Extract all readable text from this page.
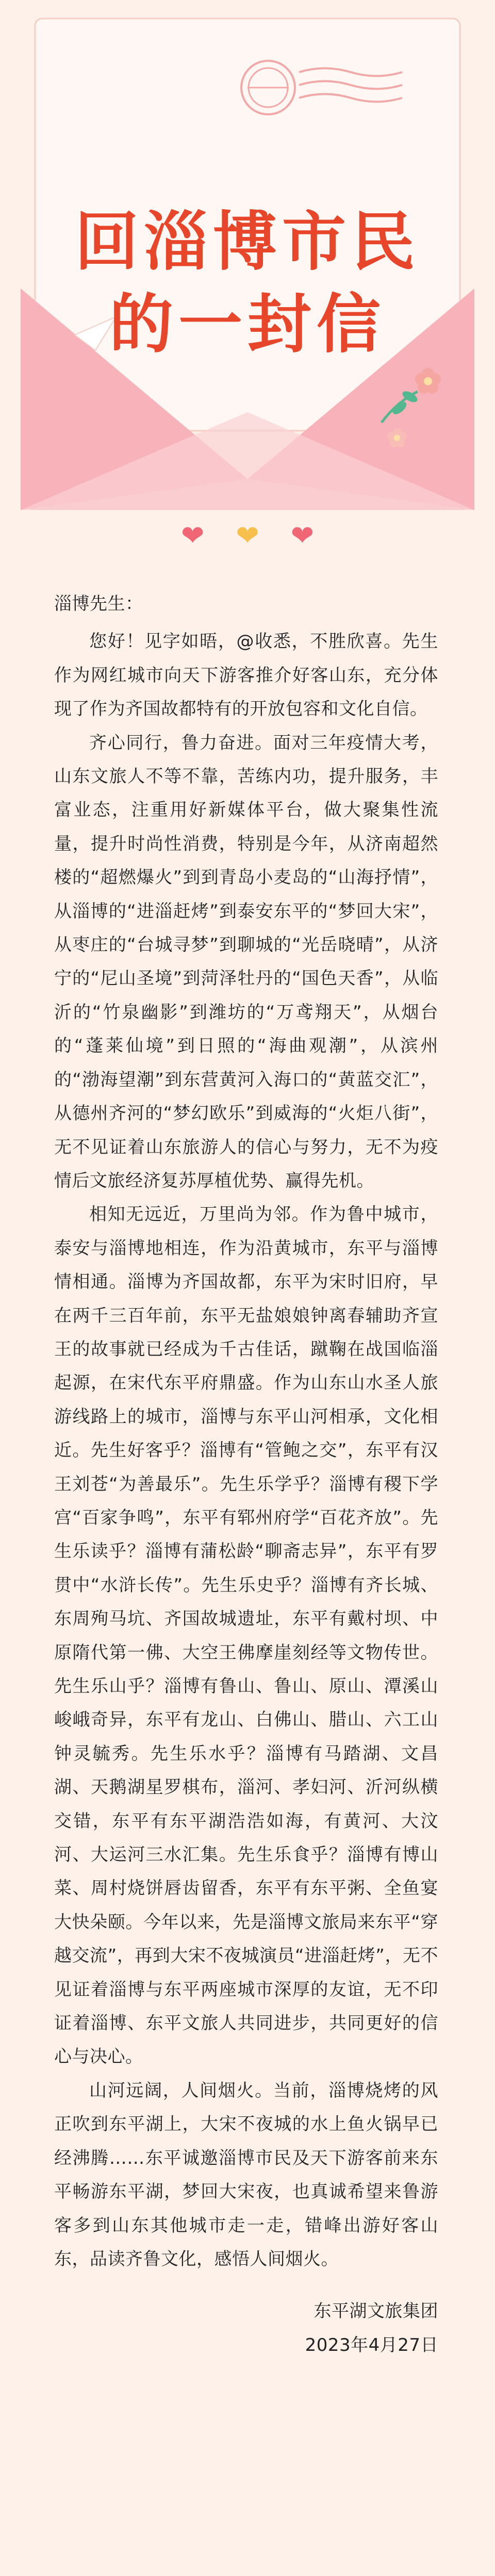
回淄博市民
的一封信
❤ ❤ ❤

淄博先生：

您好！见字如晤，@收悉，不胜欣喜。先生作为网红城市向天下游客推介好客山东，充分体现了作为齐国故都特有的开放包容和文化自信。

齐心同行，鲁力奋进。面对三年疫情大考，山东文旅人不等不靠，苦练内功，提升服务，丰富业态，注重用好新媒体平台，做大聚集性流量，提升时尚性消费，特别是今年，从济南超然楼的“超燃爆火”到到青岛小麦岛的“山海抒情”，从淄博的“进淄赶烤”到泰安东平的“梦回大宋”，从枣庄的“台城寻梦”到聊城的“光岳晓晴”，从济宁的“尼山圣境”到菏泽牡丹的“国色天香”，从临沂的“竹泉幽影”到潍坊的“万鸢翔天”，从烟台的“蓬莱仙境”到日照的“海曲观潮”，从滨州的“渤海望潮”到东营黄河入海口的“黄蓝交汇”，从德州齐河的“梦幻欧乐”到威海的“火炬八街”，无不见证着山东旅游人的信心与努力，无不为疫情后文旅经济复苏厚植优势、赢得先机。

相知无远近，万里尚为邻。作为鲁中城市，泰安与淄博地相连，作为沿黄城市，东平与淄博情相通。淄博为齐国故都，东平为宋时旧府，早在两千三百年前，东平无盐娘娘钟离春辅助齐宣王的故事就已经成为千古佳话，蹴鞠在战国临淄起源，在宋代东平府鼎盛。作为山东山水圣人旅游线路上的城市，淄博与东平山河相承，文化相近。先生好客乎？淄博有“管鲍之交”，东平有汉王刘苍“为善最乐”。先生乐学乎？淄博有稷下学宫“百家争鸣”，东平有郓州府学“百花齐放”。先生乐读乎？淄博有蒲松龄“聊斋志异”，东平有罗贯中“水浒长传”。先生乐史乎？淄博有齐长城、东周殉马坑、齐国故城遗址，东平有戴村坝、中原隋代第一佛、大空王佛摩崖刻经等文物传世。先生乐山乎？淄博有鲁山、鲁山、原山、潭溪山峻峨奇异，东平有龙山、白佛山、腊山、六工山钟灵毓秀。先生乐水乎？淄博有马踏湖、文昌湖、天鹅湖星罗棋布，淄河、孝妇河、沂河纵横交错，东平有东平湖浩浩如海，有黄河、大汶河、大运河三水汇集。先生乐食乎？淄博有博山菜、周村烧饼唇齿留香，东平有东平粥、全鱼宴大快朵颐。今年以来，先是淄博文旅局来东平“穿越交流”，再到大宋不夜城演员“进淄赶烤”，无不见证着淄博与东平两座城市深厚的友谊，无不印证着淄博、东平文旅人共同进步，共同更好的信心与决心。

山河远阔，人间烟火。当前，淄博烧烤的风正吹到东平湖上，大宋不夜城的水上鱼火锅早已经沸腾……东平诚邀淄博市民及天下游客前来东平畅游东平湖，梦回大宋夜，也真诚希望来鲁游客多到山东其他城市走一走，错峰出游好客山东，品读齐鲁文化，感悟人间烟火。

东平湖文旅集团

2023年4月27日
